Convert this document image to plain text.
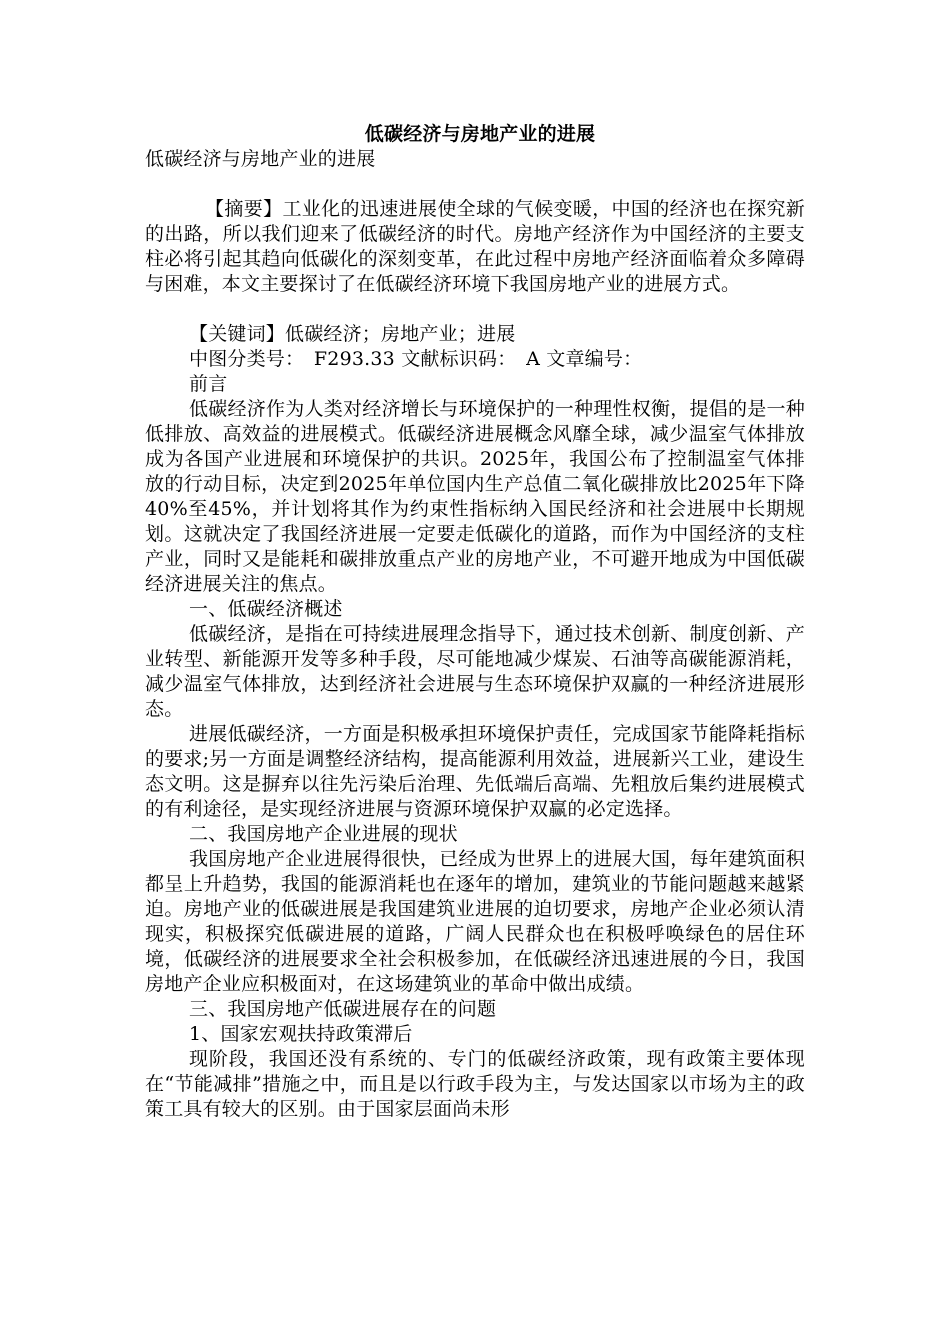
低碳经济与房地产业的进展

低碳经济与房地产业的进展

【摘要】工业化的迅速进展使全球的气候变暖，中国的经济也在探究新的出路，所以我们迎来了低碳经济的时代。房地产经济作为中国经济的主要支柱必将引起其趋向低碳化的深刻变革，在此过程中房地产经济面临着众多障碍与困难，本文主要探讨了在低碳经济环境下我国房地产业的进展方式。

【关键词】低碳经济；房地产业；进展

中图分类号：　F293.33 文献标识码：　A 文章编号：

前言

低碳经济作为人类对经济增长与环境保护的一种理性权衡，提倡的是一种低排放、高效益的进展模式。低碳经济进展概念风靡全球，减少温室气体排放成为各国产业进展和环境保护的共识。2025年，我国公布了控制温室气体排放的行动目标，决定到2025年单位国内生产总值二氧化碳排放比2025年下降40%至45%，并计划将其作为约束性指标纳入国民经济和社会进展中长期规划。这就决定了我国经济进展一定要走低碳化的道路，而作为中国经济的支柱产业，同时又是能耗和碳排放重点产业的房地产业，不可避开地成为中国低碳经济进展关注的焦点。

一、低碳经济概述

低碳经济，是指在可持续进展理念指导下，通过技术创新、制度创新、产业转型、新能源开发等多种手段，尽可能地减少煤炭、石油等高碳能源消耗，减少温室气体排放，达到经济社会进展与生态环境保护双赢的一种经济进展形态。

进展低碳经济，一方面是积极承担环境保护责任，完成国家节能降耗指标的要求;另一方面是调整经济结构，提高能源利用效益，进展新兴工业，建设生态文明。这是摒弃以往先污染后治理、先低端后高端、先粗放后集约进展模式的有利途径，是实现经济进展与资源环境保护双赢的必定选择。

二、我国房地产企业进展的现状

我国房地产企业进展得很快，已经成为世界上的进展大国，每年建筑面积都呈上升趋势，我国的能源消耗也在逐年的增加，建筑业的节能问题越来越紧迫。房地产业的低碳进展是我国建筑业进展的迫切要求，房地产企业必须认清现实，积极探究低碳进展的道路，广阔人民群众也在积极呼唤绿色的居住环境，低碳经济的进展要求全社会积极参加，在低碳经济迅速进展的今日，我国房地产企业应积极面对，在这场建筑业的革命中做出成绩。

三、我国房地产低碳进展存在的问题

1、国家宏观扶持政策滞后

现阶段，我国还没有系统的、专门的低碳经济政策，现有政策主要体现在“节能减排”措施之中，而且是以行政手段为主，与发达国家以市场为主的政策工具有较大的区别。由于国家层面尚未形
